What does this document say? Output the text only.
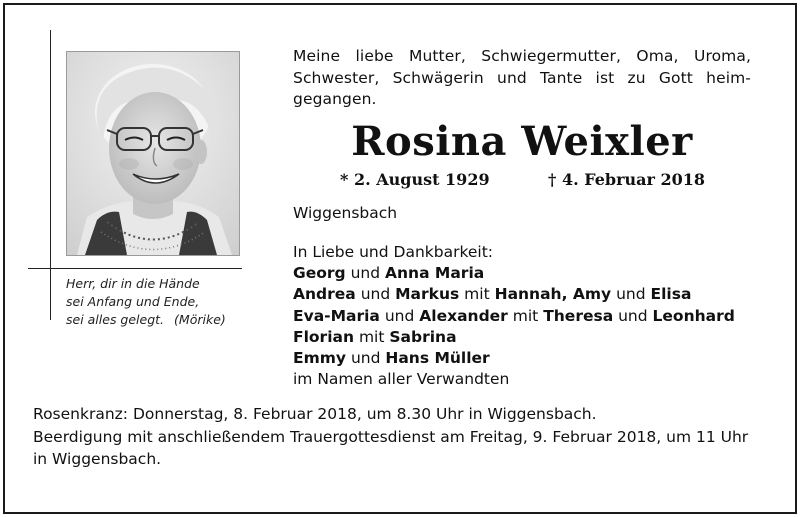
Herr, dir in die Hände
sei Anfang und Ende,
sei alles gelegt. (Mörike)
Meine liebe Mutter, Schwiegermutter, Oma, Uroma, Schwester, Schwägerin und Tante ist zu Gott heim- gegangen.
Rosina Weixler
* 2. August 1929	† 4. Februar 2018
Wiggensbach
In Liebe und Dankbarkeit:
Georg und Anna Maria
Andrea und Markus mit Hannah, Amy und Elisa
Eva-Maria und Alexander mit Theresa und Leonhard
Florian mit Sabrina
Emmy und Hans Müller
im Namen aller Verwandten
Rosenkranz: Donnerstag, 8. Februar 2018, um 8.30 Uhr in Wiggensbach.
Beerdigung mit anschließendem Trauergottesdienst am Freitag, 9. Februar 2018, um 11 Uhr in Wiggensbach.
